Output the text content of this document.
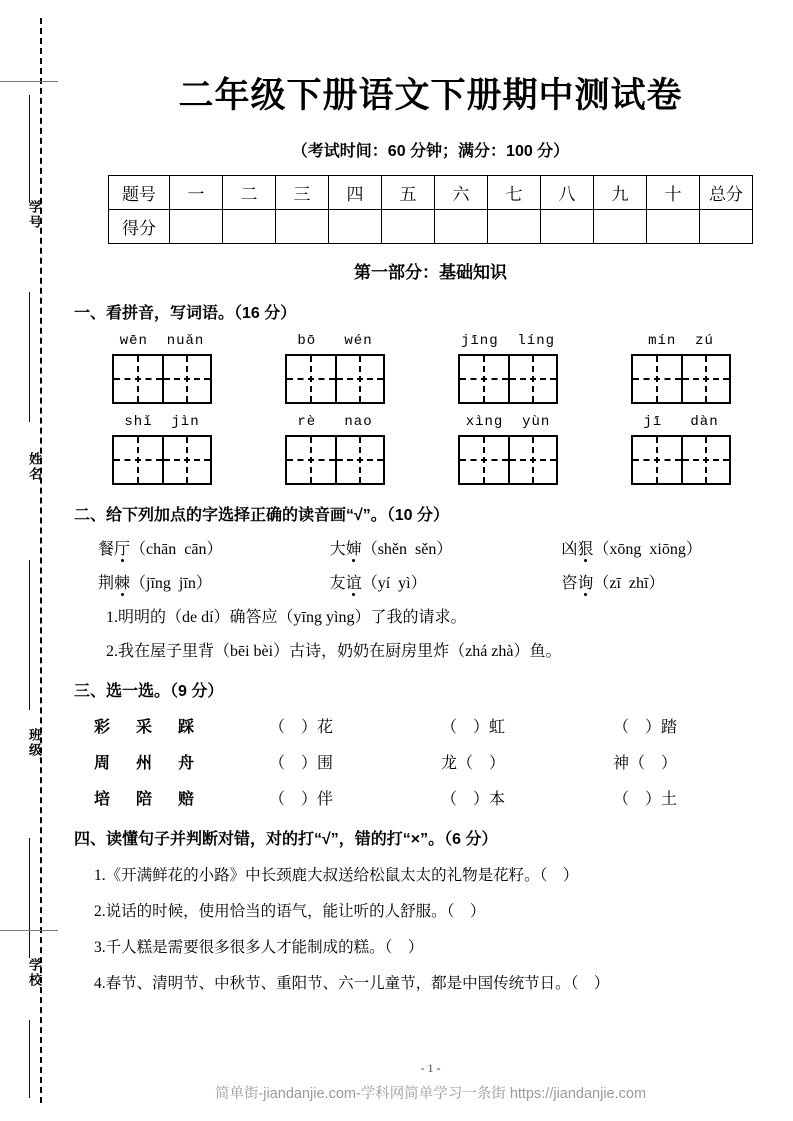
学号
姓名
班级
学校
二年级下册语文下册期中测试卷
（考试时间：60 分钟；满分：100 分）
题号	一	二	三	四	五	六	七	八	九	十	总分
得分											
第一部分：基础知识
一、看拼音，写词语。（16 分）
wēn  nuǎn	bō   wén	jīng  líng	mín  zú
shǐ  jìn	rè   nao	xìng  yùn	jī   dàn
二、给下列加点的字选择正确的读音画“√”。（10 分）
餐厅（chān  cān）	大婶（shěn  sěn）	凶狠（xōng  xiōng）
荆棘（jīng  jīn）	友谊（yí  yì）	咨询（zī  zhī）
1.明明的（de dí）确答应（yīng yìng）了我的请求。
2.我在屋子里背（bēi bèi）古诗，奶奶在厨房里炸（zhá zhà）鱼。
三、选一选。（9 分）
彩	采	踩	（    ）花	（    ）虹	（    ）踏
周	州	舟	（    ）围	龙（    ）	神（    ）
培	陪	赔	（    ）伴	（    ）本	（    ）土
四、读懂句子并判断对错，对的打“√”，错的打“×”。（6 分）
1.《开满鲜花的小路》中长颈鹿大叔送给松鼠太太的礼物是花籽。（    ）
2.说话的时候，使用恰当的语气，能让听的人舒服。（    ）
3.千人糕是需要很多很多人才能制成的糕。（    ）
4.春节、清明节、中秋节、重阳节、六一儿童节，都是中国传统节日。（    ）
- 1 -
简单街-jiandanjie.com-学科网简单学习一条街 https://jiandanjie.com
